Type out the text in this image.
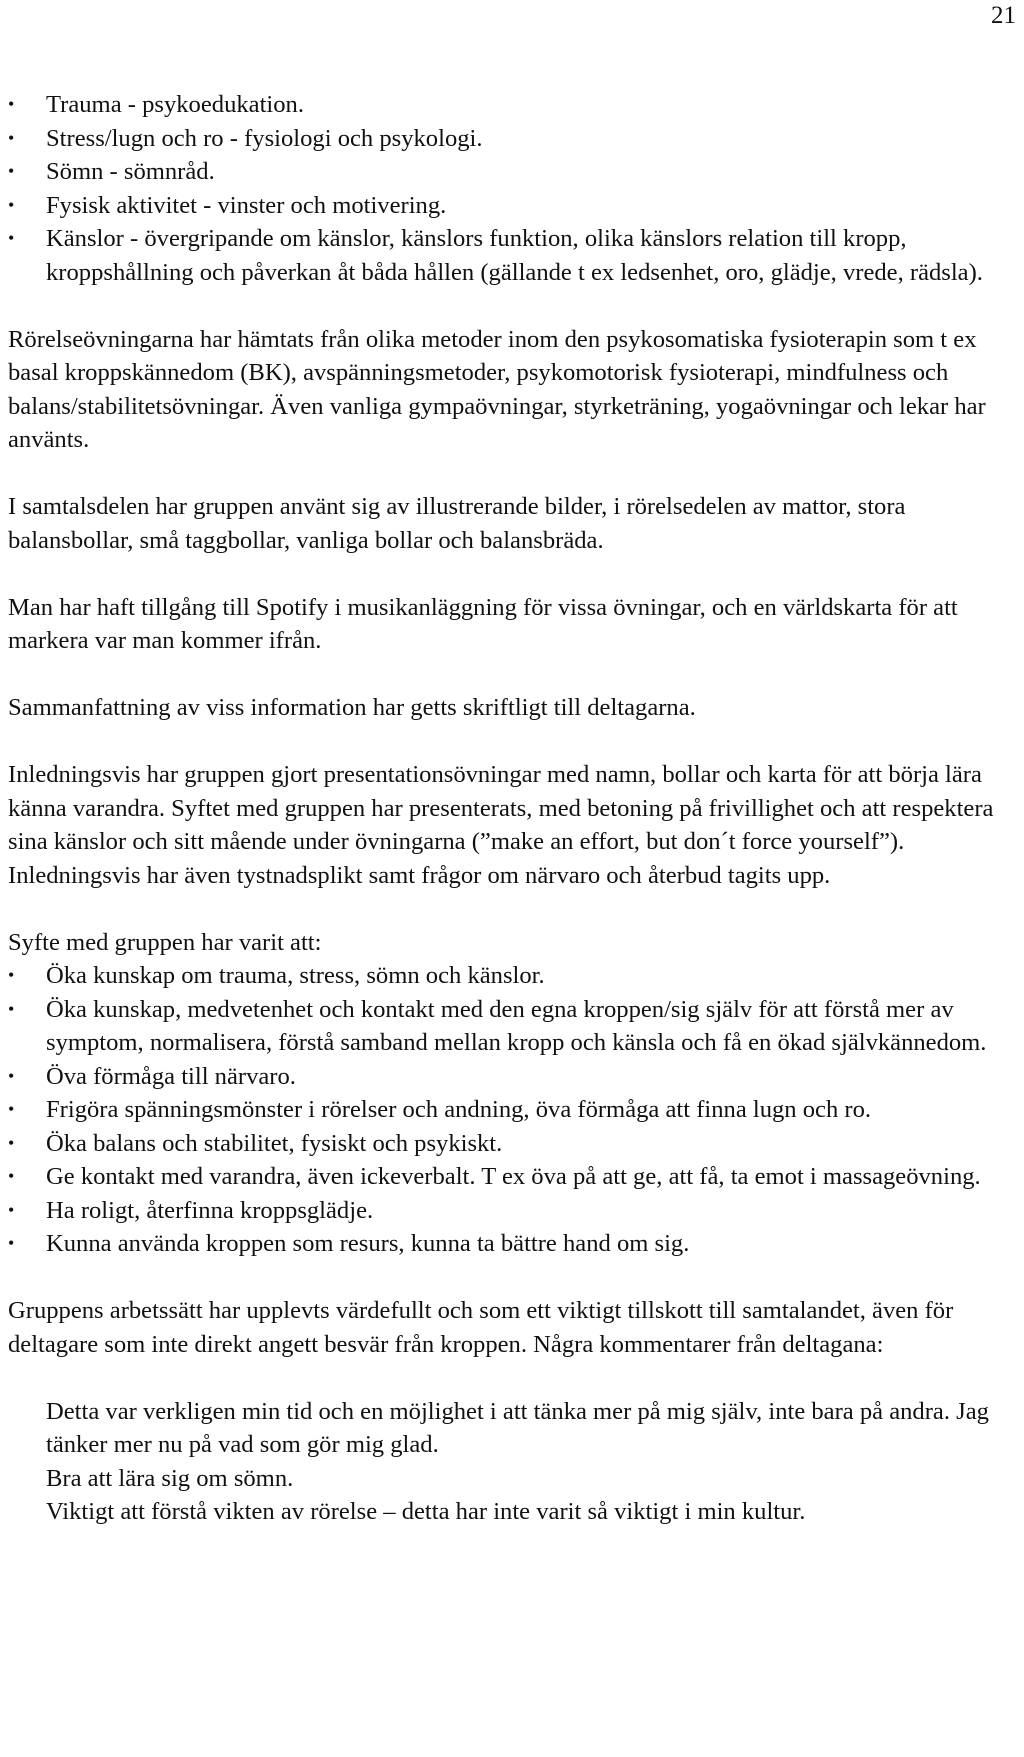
21
• Trauma - psykoedukation.
• Stress/lugn och ro - fysiologi och psykologi.
• Sömn - sömnråd.
• Fysisk aktivitet - vinster och motivering.
• Känslor - övergripande om känslor, känslors funktion, olika känslors relation till kropp, kroppshållning och påverkan åt båda hållen (gällande t ex ledsenhet, oro, glädje, vrede, rädsla).

Rörelseövningarna har hämtats från olika metoder inom den psykosomatiska fysioterapin som t ex basal kroppskännedom (BK), avspänningsmetoder, psykomotorisk fysioterapi, mindfulness och balans/stabilitetsövningar. Även vanliga gympaövningar, styrketräning, yogaövningar och lekar har använts.

I samtalsdelen har gruppen använt sig av illustrerande bilder, i rörelsedelen av mattor, stora balansbollar, små taggbollar, vanliga bollar och balansbräda.

Man har haft tillgång till Spotify i musikanläggning för vissa övningar, och en världskarta för att markera var man kommer ifrån.

Sammanfattning av viss information har getts skriftligt till deltagarna.

Inledningsvis har gruppen gjort presentationsövningar med namn, bollar och karta för att börja lära känna varandra. Syftet med gruppen har presenterats, med betoning på frivillighet och att respektera sina känslor och sitt mående under övningarna (”make an effort, but don´t force yourself”). Inledningsvis har även tystnadsplikt samt frågor om närvaro och återbud tagits upp.

Syfte med gruppen har varit att:

• Öka kunskap om trauma, stress, sömn och känslor.
• Öka kunskap, medvetenhet och kontakt med den egna kroppen/sig själv för att förstå mer av symptom, normalisera, förstå samband mellan kropp och känsla och få en ökad självkännedom.
• Öva förmåga till närvaro.
• Frigöra spänningsmönster i rörelser och andning, öva förmåga att finna lugn och ro.
• Öka balans och stabilitet, fysiskt och psykiskt.
• Ge kontakt med varandra, även ickeverbalt. T ex öva på att ge, att få, ta emot i massageövning.
• Ha roligt, återfinna kroppsglädje.
• Kunna använda kroppen som resurs, kunna ta bättre hand om sig.

Gruppens arbetssätt har upplevts värdefullt och som ett viktigt tillskott till samtalandet, även för deltagare som inte direkt angett besvär från kroppen. Några kommentarer från deltagana:

Detta var verkligen min tid och en möjlighet i att tänka mer på mig själv, inte bara på andra. Jag tänker mer nu på vad som gör mig glad.
Bra att lära sig om sömn.
Viktigt att förstå vikten av rörelse – detta har inte varit så viktigt i min kultur.
